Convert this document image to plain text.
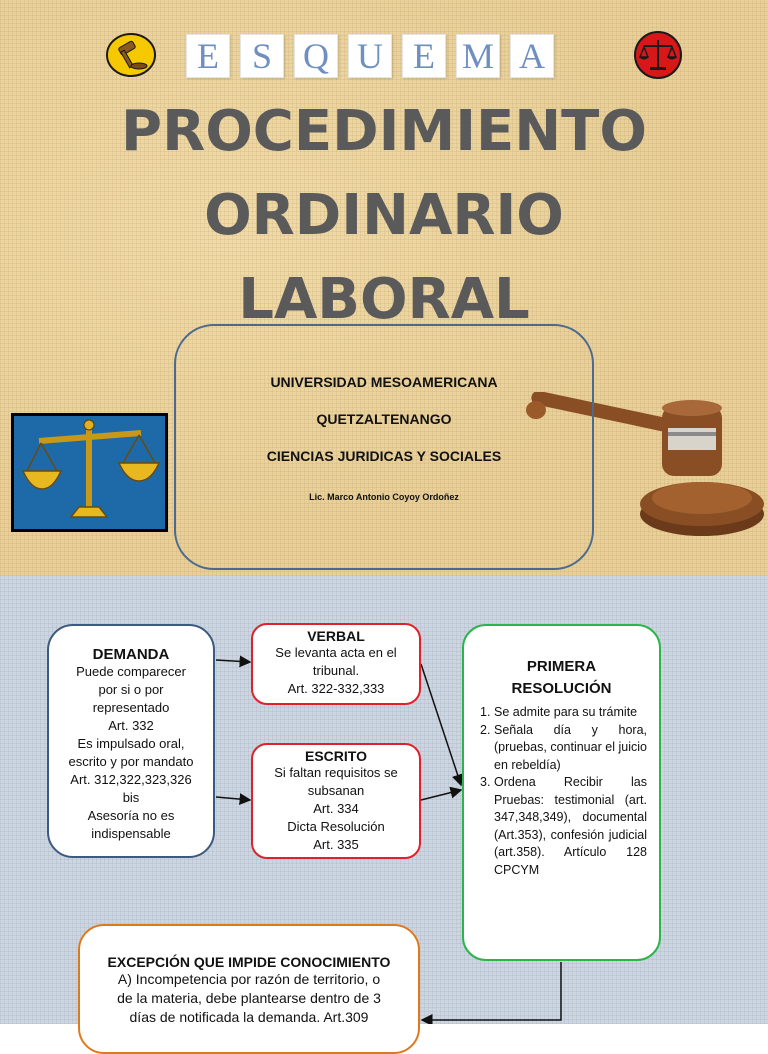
E S Q U E M A
PROCEDIMIENTO
ORDINARIO
LABORAL
UNIVERSIDAD MESOAMERICANA
QUETZALTENANGO
CIENCIAS JURIDICAS Y SOCIALES
Lic. Marco Antonio Coyoy Ordoñez
DEMANDA
Puede comparecer
por si o por
representado
Art. 332
Es impulsado oral,
escrito y por mandato
Art. 312,322,323,326
bis
Asesoría no es
indispensable
VERBAL
Se levanta acta en el
tribunal.
Art. 322-332,333
ESCRITO
Si faltan requisitos se
subsanan
Art. 334
Dicta Resolución
Art. 335
PRIMERA
RESOLUCIÓN
1. Se admite para su trámite
2. Señala día y hora, (pruebas, continuar el juicio en rebeldía)
3. Ordena Recibir las Pruebas: testimonial (art. 347,348,349), documental (Art.353), confesión judicial (art.358). Artículo 128 CPCYM
EXCEPCIÓN QUE IMPIDE CONOCIMIENTO
A) Incompetencia por razón de territorio, o
de la materia, debe plantearse dentro de 3
días de notificada la demanda. Art.309
